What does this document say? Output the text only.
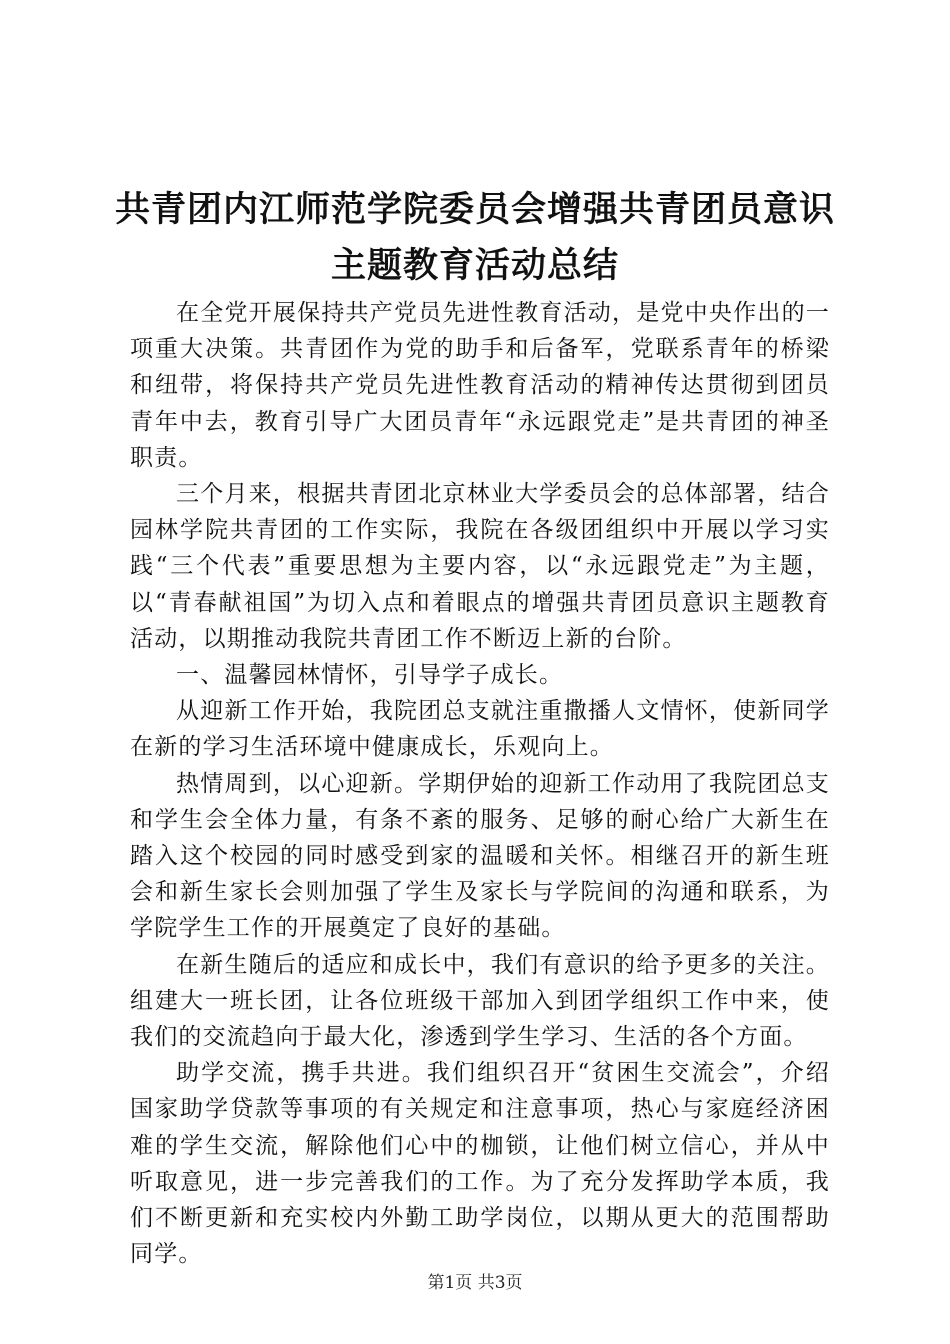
共青团内江师范学院委员会增强共青团员意识
主题教育活动总结

在全党开展保持共产党员先进性教育活动，是党中央作出的一项重大决策。共青团作为党的助手和后备军，党联系青年的桥梁和纽带，将保持共产党员先进性教育活动的精神传达贯彻到团员青年中去，教育引导广大团员青年“永远跟党走”是共青团的神圣职责。

三个月来，根据共青团北京林业大学委员会的总体部署，结合园林学院共青团的工作实际，我院在各级团组织中开展以学习实践“三个代表”重要思想为主要内容，以“永远跟党走”为主题，以“青春献祖国”为切入点和着眼点的增强共青团员意识主题教育活动，以期推动我院共青团工作不断迈上新的台阶。

一、温馨园林情怀，引导学子成长。

从迎新工作开始，我院团总支就注重撒播人文情怀，使新同学在新的学习生活环境中健康成长，乐观向上。

热情周到，以心迎新。学期伊始的迎新工作动用了我院团总支和学生会全体力量，有条不紊的服务、足够的耐心给广大新生在踏入这个校园的同时感受到家的温暖和关怀。相继召开的新生班会和新生家长会则加强了学生及家长与学院间的沟通和联系，为学院学生工作的开展奠定了良好的基础。

在新生随后的适应和成长中，我们有意识的给予更多的关注。组建大一班长团，让各位班级干部加入到团学组织工作中来，使我们的交流趋向于最大化，渗透到学生学习、生活的各个方面。

助学交流，携手共进。我们组织召开“贫困生交流会”，介绍国家助学贷款等事项的有关规定和注意事项，热心与家庭经济困难的学生交流，解除他们心中的枷锁，让他们树立信心，并从中听取意见，进一步完善我们的工作。为了充分发挥助学本质，我们不断更新和充实校内外勤工助学岗位，以期从更大的范围帮助同学。

第1页 共3页
